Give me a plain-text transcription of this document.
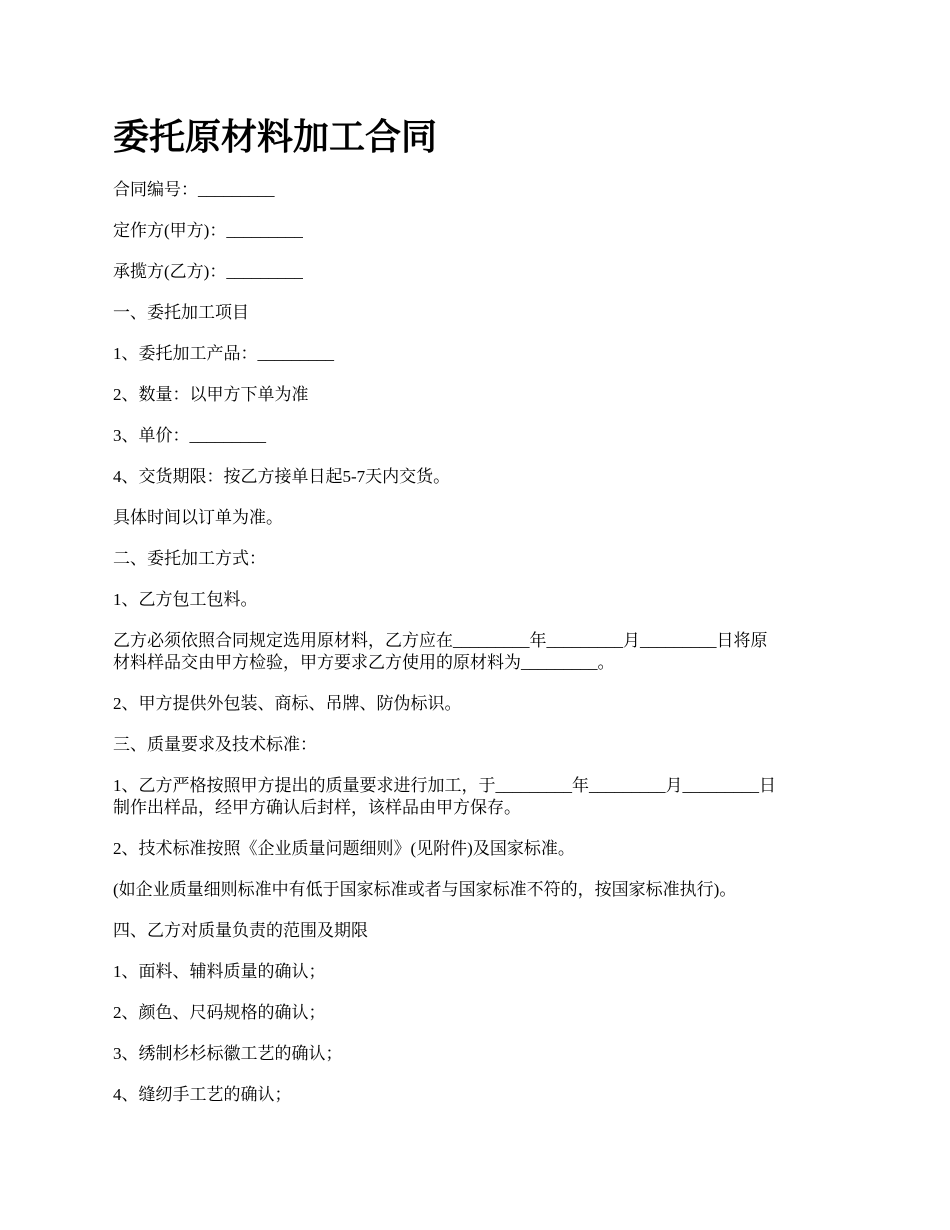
委托原材料加工合同

合同编号：_________

定作方(甲方)：_________

承揽方(乙方)：_________

一、委托加工项目

1、委托加工产品：_________

2、数量：以甲方下单为准

3、单价：_________

4、交货期限：按乙方接单日起5-7天内交货。

具体时间以订单为准。

二、委托加工方式：

1、乙方包工包料。

乙方必须依照合同规定选用原材料，乙方应在_________年_________月_________日将原
材料样品交由甲方检验，甲方要求乙方使用的原材料为_________。

2、甲方提供外包装、商标、吊牌、防伪标识。

三、质量要求及技术标准：

1、乙方严格按照甲方提出的质量要求进行加工，于_________年_________月_________日
制作出样品，经甲方确认后封样，该样品由甲方保存。

2、技术标准按照《企业质量问题细则》(见附件)及国家标准。

(如企业质量细则标准中有低于国家标准或者与国家标准不符的，按国家标准执行)。

四、乙方对质量负责的范围及期限

1、面料、辅料质量的确认；

2、颜色、尺码规格的确认；

3、绣制杉杉标徽工艺的确认；

4、缝纫手工艺的确认；
